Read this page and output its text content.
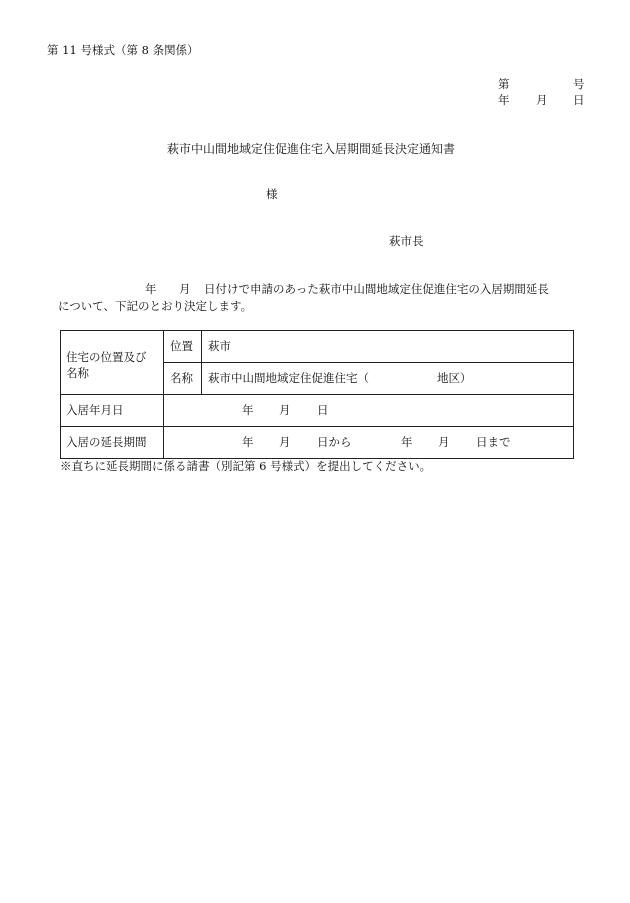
第 11 号様式（第 8 条関係）
第	号
年 月 日
萩市中山間地域定住促進住宅入居期間延長決定通知書
様
萩市長
年 月 日付けで申請のあった萩市中山間地域定住促進住宅の入居期間延長
について、下記のとおり決定します。
住宅の位置及び
名称
位置 萩市
名称 萩市中山間地域定住促進住宅（	地区）
入居年月日	年 月 日
入居の延長期間	年 月 日から	年 月 日まで
※直ちに延長期間に係る請書（別記第 6 号様式）を提出してください。
